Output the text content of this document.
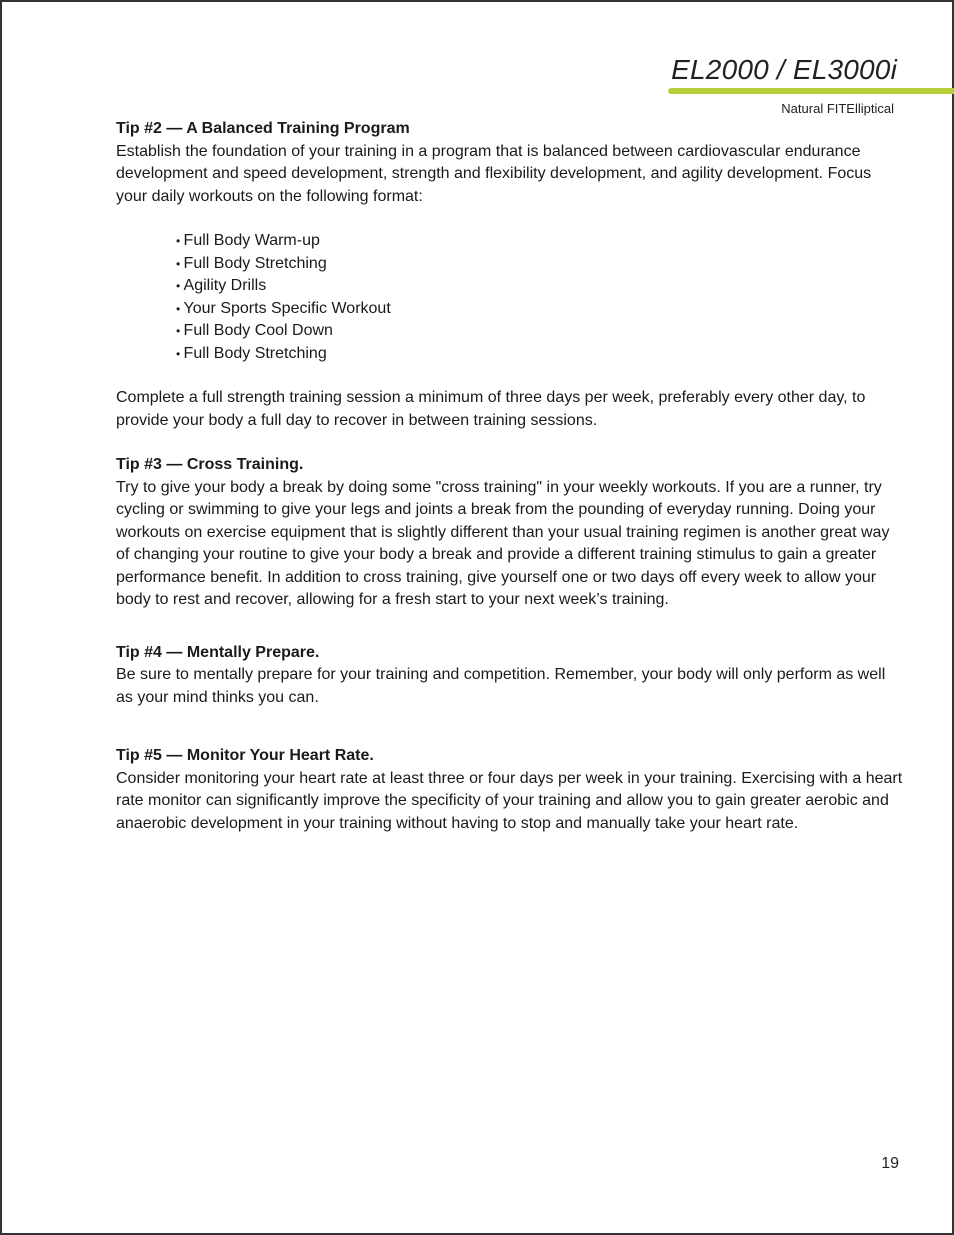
EL2000 / EL3000i
Natural FITElliptical

Tip #2 — A Balanced Training Program

Establish the foundation of your training in a program that is balanced between cardiovascular endurance development and speed development, strength and flexibility development, and agility development. Focus your daily workouts on the following format:

• Full Body Warm-up
• Full Body Stretching
• Agility Drills
• Your Sports Specific Workout
• Full Body Cool Down
• Full Body Stretching

Complete a full strength training session a minimum of three days per week, preferably every other day, to provide your body a full day to recover in between training sessions.

Tip #3 — Cross Training.

Try to give your body a break by doing some "cross training" in your weekly workouts. If you are a runner, try cycling or swimming to give your legs and joints a break from the pounding of everyday running. Doing your workouts on exercise equipment that is slightly different than your usual training regimen is another great way of changing your routine to give your body a break and provide a different training stimulus to gain a greater performance benefit. In addition to cross training, give yourself one or two days off every week to allow your body to rest and recover, allowing for a fresh start to your next week’s training.

Tip #4 — Mentally Prepare.

Be sure to mentally prepare for your training and competition. Remember, your body will only perform as well as your mind thinks you can.

Tip #5 — Monitor Your Heart Rate.

Consider monitoring your heart rate at least three or four days per week in your training. Exercising with a heart rate monitor can significantly improve the specificity of your training and allow you to gain greater aerobic and anaerobic development in your training without having to stop and manually take your heart rate.

19
